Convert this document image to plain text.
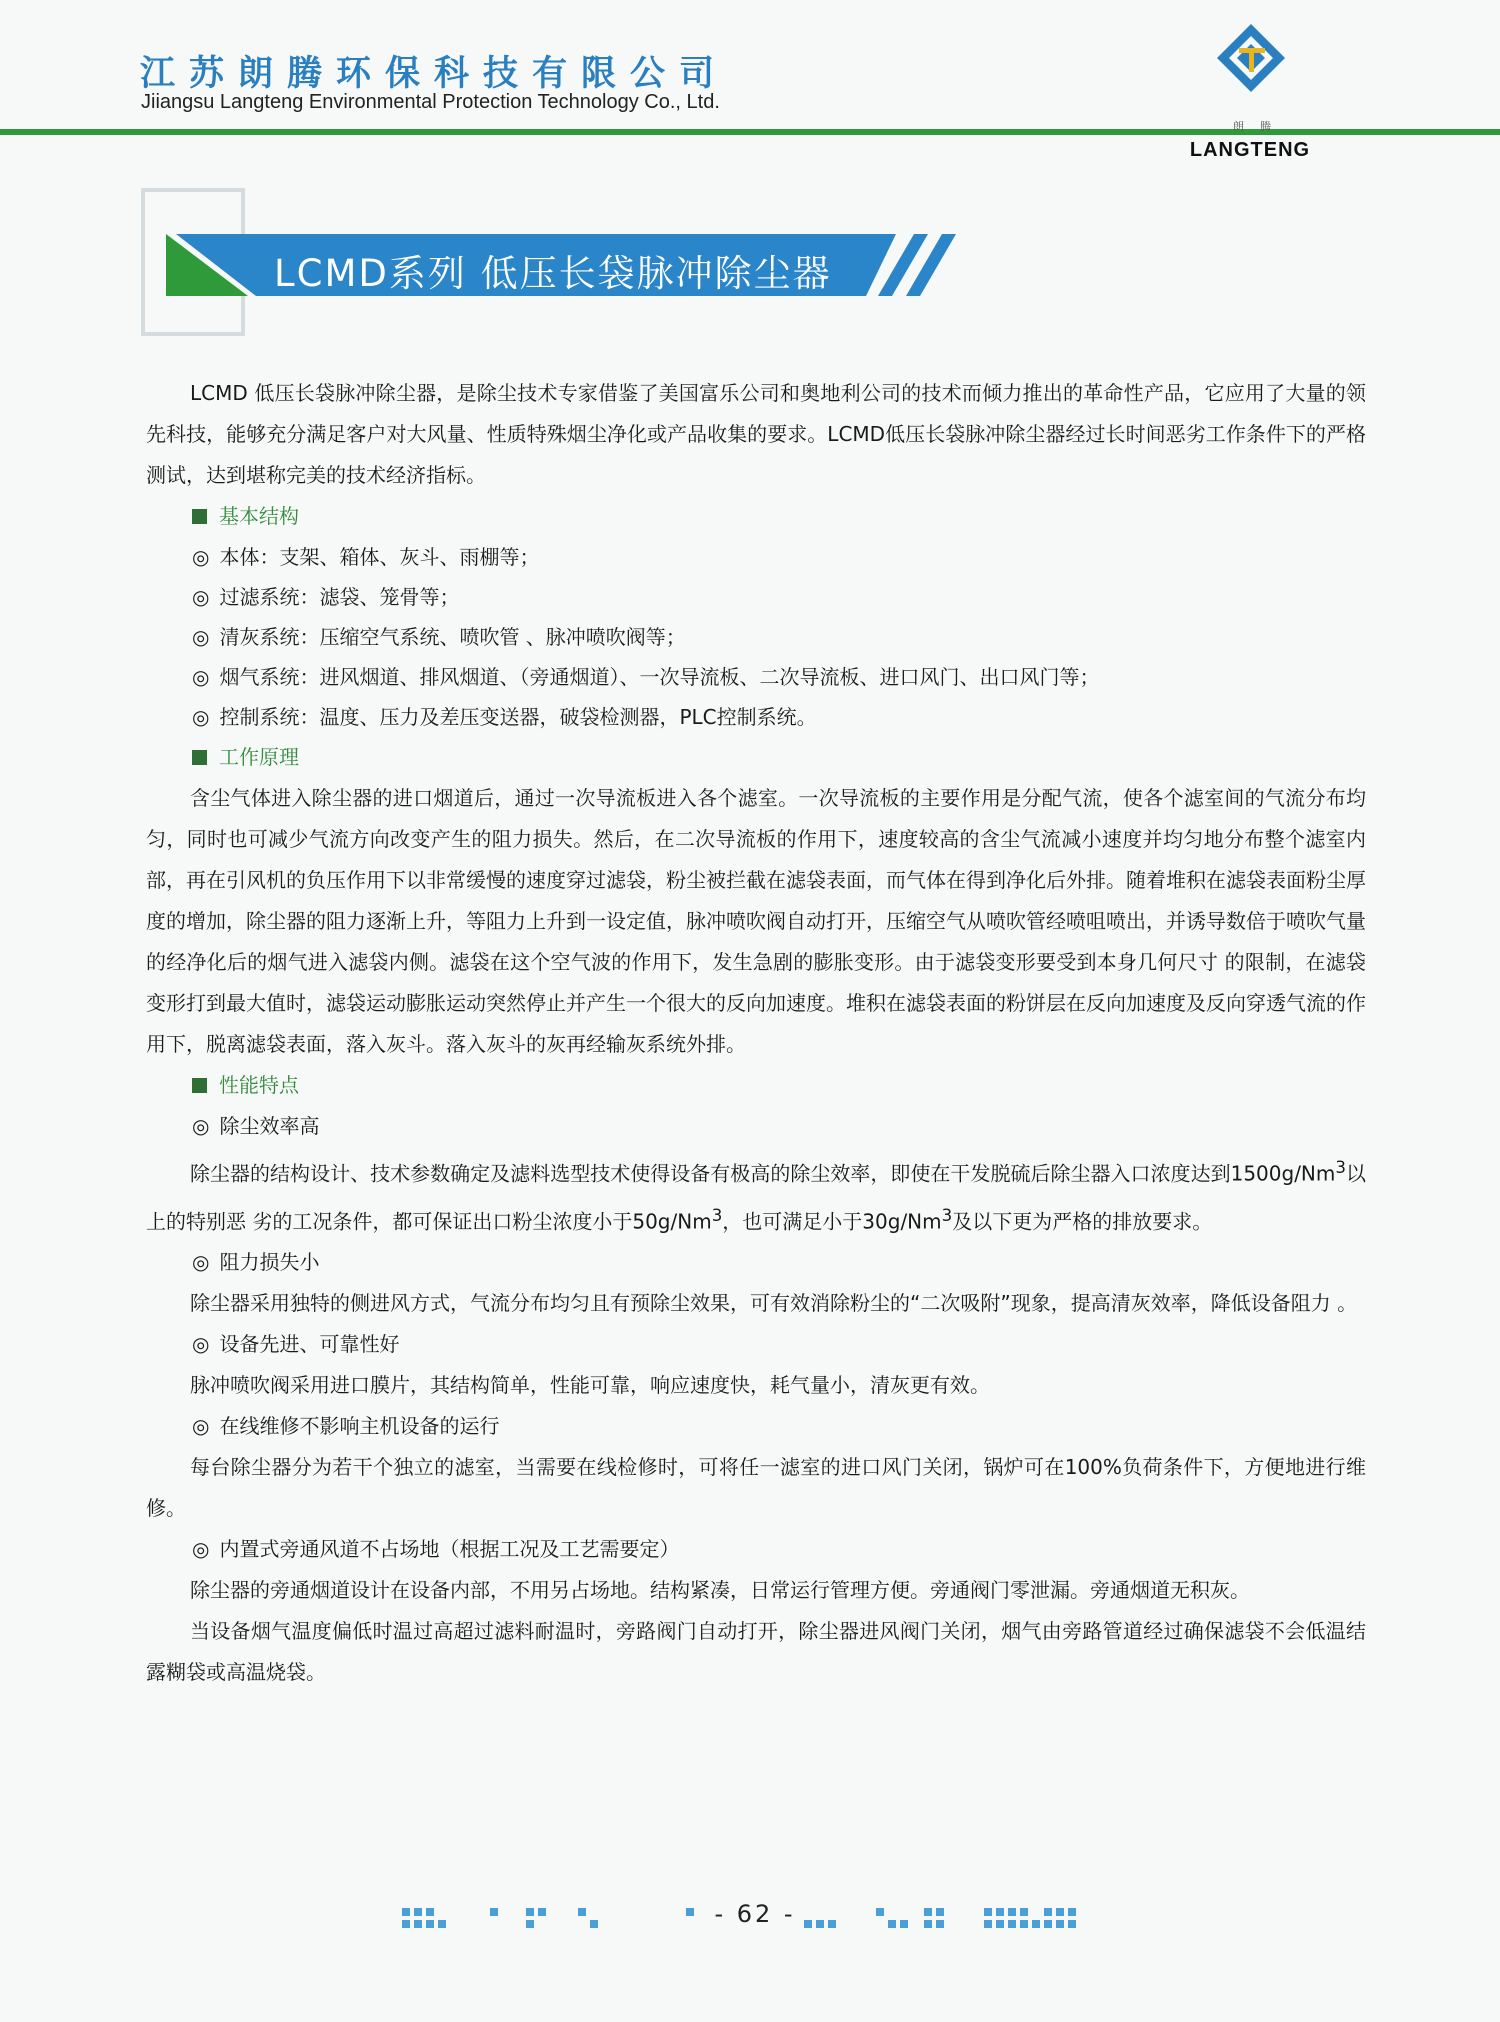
江苏朗腾环保科技有限公司
Jiiangsu Langteng Environmental Protection Technology Co., Ltd.
朗腾
LANGTENG
LCMD系列 低压长袋脉冲除尘器

LCMD 低压长袋脉冲除尘器，是除尘技术专家借鉴了美国富乐公司和奥地利公司的技术而倾力推出的革命性产品，它应用了大量的领先科技，能够充分满足客户对大风量、性质特殊烟尘净化或产品收集的要求。LCMD低压长袋脉冲除尘器经过长时间恶劣工作条件下的严格测试，达到堪称完美的技术经济指标。

基本结构
◎ 本体：支架、箱体、灰斗、雨棚等；
◎ 过滤系统：滤袋、笼骨等；
◎ 清灰系统：压缩空气系统、喷吹管 、脉冲喷吹阀等；
◎ 烟气系统：进风烟道、排风烟道、（旁通烟道）、一次导流板、二次导流板、进口风门、出口风门等；
◎ 控制系统：温度、压力及差压变送器，破袋检测器，PLC控制系统。
工作原理

含尘气体进入除尘器的进口烟道后，通过一次导流板进入各个滤室。一次导流板的主要作用是分配气流，使各个滤室间的气流分布均匀，同时也可减少气流方向改变产生的阻力损失。然后，在二次导流板的作用下，速度较高的含尘气流减小速度并均匀地分布整个滤室内部，再在引风机的负压作用下以非常缓慢的速度穿过滤袋，粉尘被拦截在滤袋表面，而气体在得到净化后外排。随着堆积在滤袋表面粉尘厚度的增加，除尘器的阻力逐渐上升，等阻力上升到一设定值，脉冲喷吹阀自动打开，压缩空气从喷吹管经喷咀喷出，并诱导数倍于喷吹气量的经净化后的烟气进入滤袋内侧。滤袋在这个空气波的作用下，发生急剧的膨胀变形。由于滤袋变形要受到本身几何尺寸 的限制，在滤袋变形打到最大值时，滤袋运动膨胀运动突然停止并产生一个很大的反向加速度。堆积在滤袋表面的粉饼层在反向加速度及反向穿透气流的作用下，脱离滤袋表面，落入灰斗。落入灰斗的灰再经输灰系统外排。

性能特点
◎ 除尘效率高

除尘器的结构设计、技术参数确定及滤料选型技术使得设备有极高的除尘效率，即使在干发脱硫后除尘器入口浓度达到1500g/Nm$^3$以上的特别恶 劣的工况条件，都可保证出口粉尘浓度小于50g/Nm$^3$，也可满足小于30g/Nm$^3$及以下更为严格的排放要求。

◎ 阻力损失小

除尘器采用独特的侧进风方式，气流分布均匀且有预除尘效果，可有效消除粉尘的“二次吸附”现象，提高清灰效率，降低设备阻力 。

◎ 设备先进、可靠性好

脉冲喷吹阀采用进口膜片，其结构简单，性能可靠，响应速度快，耗气量小，清灰更有效。

◎ 在线维修不影响主机设备的运行

每台除尘器分为若干个独立的滤室，当需要在线检修时，可将任一滤室的进口风门关闭，锅炉可在100%负荷条件下，方便地进行维修。

◎ 内置式旁通风道不占场地（根据工况及工艺需要定）

除尘器的旁通烟道设计在设备内部，不用另占场地。结构紧凑，日常运行管理方便。旁通阀门零泄漏。旁通烟道无积灰。

当设备烟气温度偏低时温过高超过滤料耐温时，旁路阀门自动打开，除尘器进风阀门关闭，烟气由旁路管道经过确保滤袋不会低温结露糊袋或高温烧袋。

- 62 -
